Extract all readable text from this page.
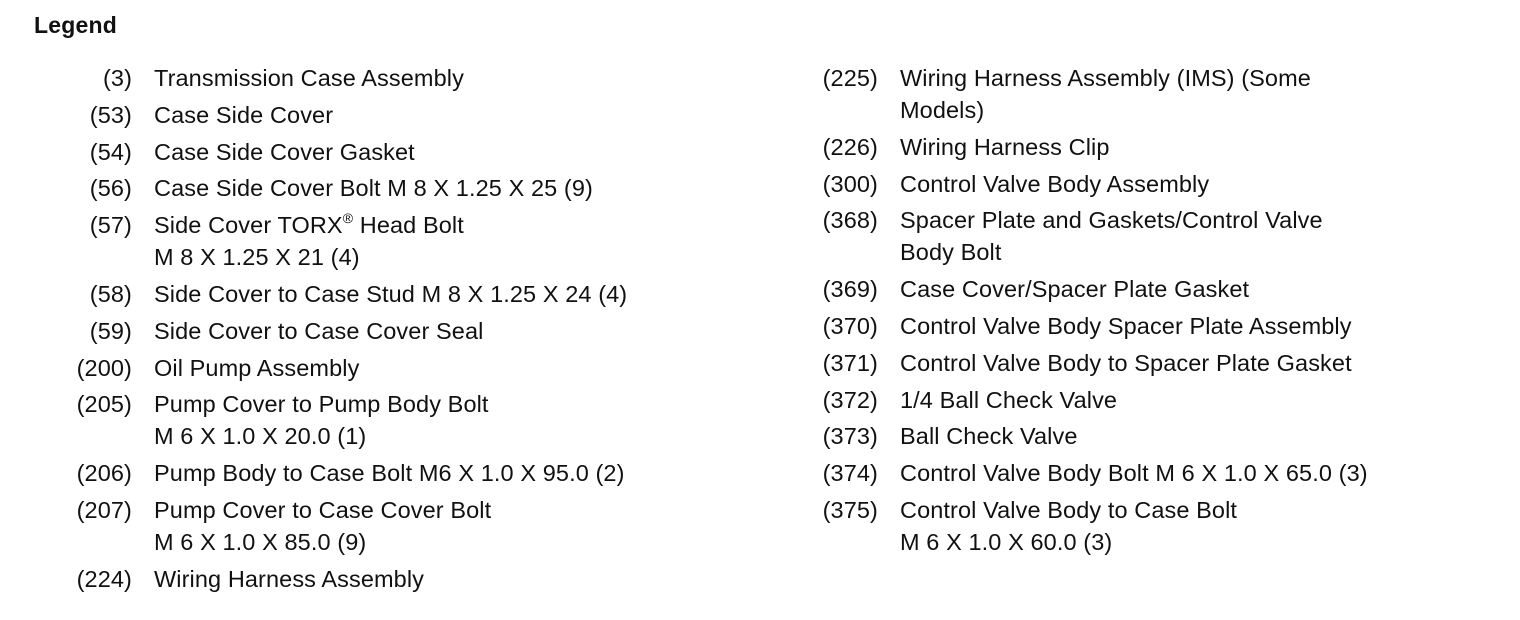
Legend
(3) Transmission Case Assembly
(53) Case Side Cover
(54) Case Side Cover Gasket
(56) Case Side Cover Bolt M 8 X 1.25 X 25 (9)
(57) Side Cover TORX® Head Bolt
M 8 X 1.25 X 21 (4)
(58) Side Cover to Case Stud M 8 X 1.25 X 24 (4)
(59) Side Cover to Case Cover Seal
(200) Oil Pump Assembly
(205) Pump Cover to Pump Body Bolt
M 6 X 1.0 X 20.0 (1)
(206) Pump Body to Case Bolt M6 X 1.0 X 95.0 (2)
(207) Pump Cover to Case Cover Bolt
M 6 X 1.0 X 85.0 (9)
(224) Wiring Harness Assembly
(225) Wiring Harness Assembly (IMS) (Some
Models)
(226) Wiring Harness Clip
(300) Control Valve Body Assembly
(368) Spacer Plate and Gaskets/Control Valve
Body Bolt
(369) Case Cover/Spacer Plate Gasket
(370) Control Valve Body Spacer Plate Assembly
(371) Control Valve Body to Spacer Plate Gasket
(372) 1/4 Ball Check Valve
(373) Ball Check Valve
(374) Control Valve Body Bolt M 6 X 1.0 X 65.0 (3)
(375) Control Valve Body to Case Bolt
M 6 X 1.0 X 60.0 (3)
